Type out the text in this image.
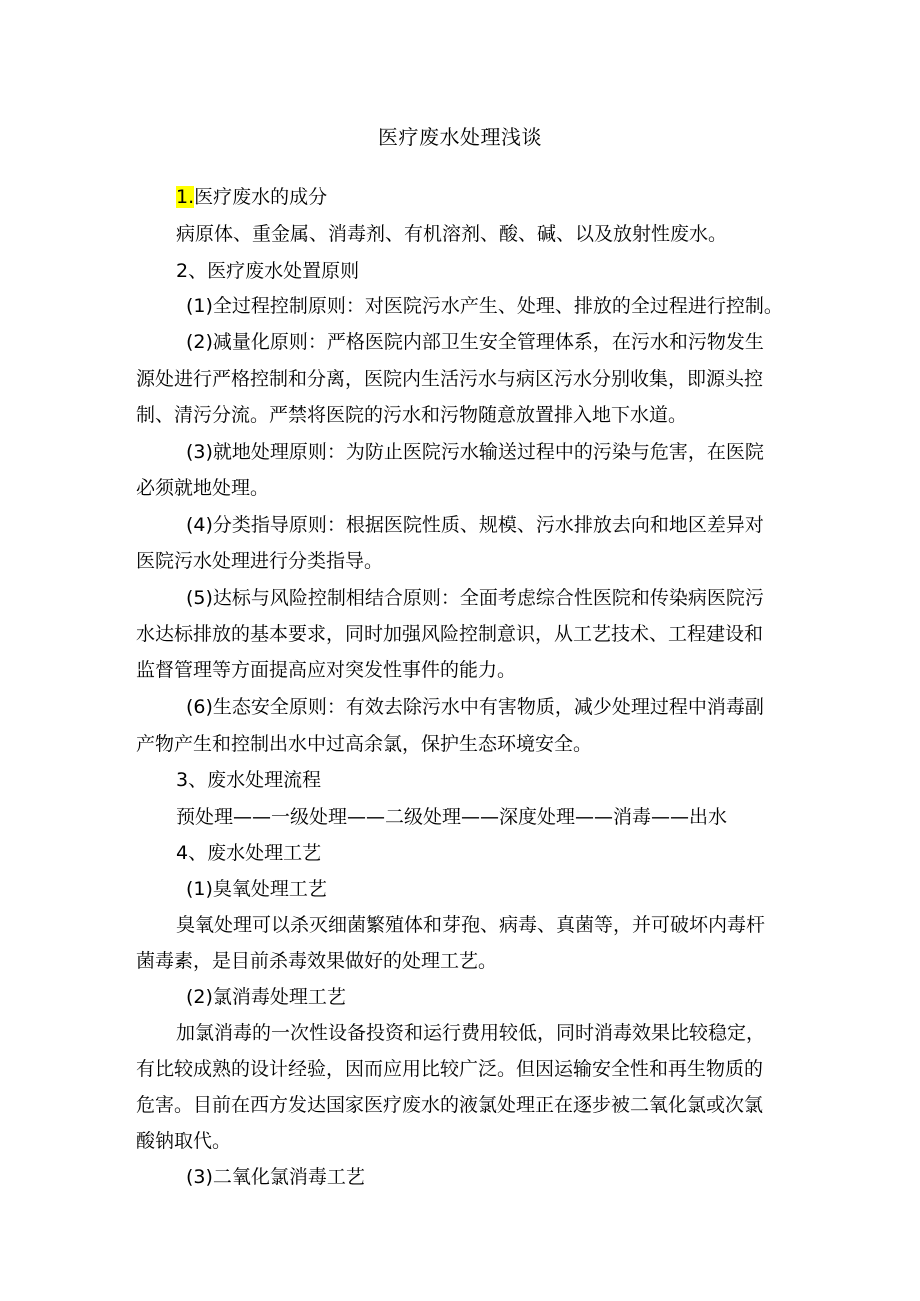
医疗废水处理浅谈
1.医疗废水的成分
病原体、重金属、消毒剂、有机溶剂、酸、碱、以及放射性废水。
2、医疗废水处置原则
(1)全过程控制原则：对医院污水产生、处理、排放的全过程进行控制。
(2)减量化原则：严格医院内部卫生安全管理体系，在污水和污物发生
源处进行严格控制和分离，医院内生活污水与病区污水分别收集，即源头控
制、清污分流。严禁将医院的污水和污物随意放置排入地下水道。
(3)就地处理原则：为防止医院污水输送过程中的污染与危害，在医院
必须就地处理。
(4)分类指导原则：根据医院性质、规模、污水排放去向和地区差异对
医院污水处理进行分类指导。
(5)达标与风险控制相结合原则：全面考虑综合性医院和传染病医院污
水达标排放的基本要求，同时加强风险控制意识，从工艺技术、工程建设和
监督管理等方面提高应对突发性事件的能力。
(6)生态安全原则：有效去除污水中有害物质，减少处理过程中消毒副
产物产生和控制出水中过高余氯，保护生态环境安全。
3、废水处理流程
预处理——一级处理——二级处理——深度处理——消毒——出水
4、废水处理工艺
(1)臭氧处理工艺
臭氧处理可以杀灭细菌繁殖体和芽孢、病毒、真菌等，并可破坏内毒杆
菌毒素，是目前杀毒效果做好的处理工艺。
(2)氯消毒处理工艺
加氯消毒的一次性设备投资和运行费用较低，同时消毒效果比较稳定，
有比较成熟的设计经验，因而应用比较广泛。但因运输安全性和再生物质的
危害。目前在西方发达国家医疗废水的液氯处理正在逐步被二氧化氯或次氯
酸钠取代。
(3)二氧化氯消毒工艺
